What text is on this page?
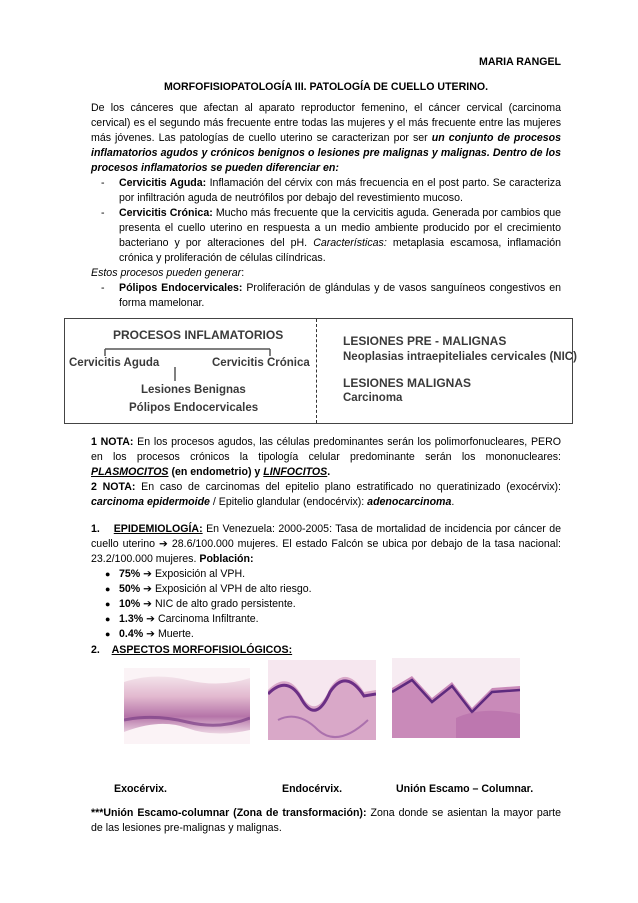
MARIA RANGEL
MORFOFISIOPATOLOGÍA III. PATOLOGÍA DE CUELLO UTERINO.

De los cánceres que afectan al aparato reproductor femenino, el cáncer cervical (carcinoma cervical) es el segundo más frecuente entre todas las mujeres y el más frecuente entre las mujeres más jóvenes. Las patologías de cuello uterino se caracterizan por ser un conjunto de procesos inflamatorios agudos y crónicos benignos o lesiones pre malignas y malignas. Dentro de los procesos inflamatorios se pueden diferenciar en:

- Cervicitis Aguda: Inflamación del cérvix con más frecuencia en el post parto. Se caracteriza por infiltración aguda de neutrófilos por debajo del revestimiento mucoso.
- Cervicitis Crónica: Mucho más frecuente que la cervicitis aguda. Generada por cambios que presenta el cuello uterino en respuesta a un medio ambiente producido por el crecimiento bacteriano y por alteraciones del pH. Características: metaplasia escamosa, inflamación crónica y proliferación de células cilíndricas.

Estos procesos pueden generar:

- Pólipos Endocervicales: Proliferación de glándulas y de vasos sanguíneos congestivos en forma mamelonar.
PROCESOS INFLAMATORIOS
Cervicitis Aguda	Cervicitis Crónica
Lesiones Benignas
Pólipos Endocervicales
LESIONES PRE - MALIGNAS
Neoplasias intraepiteliales cervicales (NIC)
LESIONES MALIGNAS
Carcinoma

1 NOTA: En los procesos agudos, las células predominantes serán los polimorfonucleares, PERO en los procesos crónicos la tipología celular predominante serán los mononucleares: PLASMOCITOS (en endometrio) y LINFOCITOS.

2 NOTA: En caso de carcinomas del epitelio plano estratificado no queratinizado (exocérvix): carcinoma epidermoide / Epitelio glandular (endocérvix): adenocarcinoma.

1. EPIDEMIOLOGÍA: En Venezuela: 2000-2005: Tasa de mortalidad de incidencia por cáncer de cuello uterino ➔ 28.6/100.000 mujeres. El estado Falcón se ubica por debajo de la tasa nacional: 23.2/100.000 mujeres. Población:

● 75% ➔ Exposición al VPH.
● 50% ➔ Exposición al VPH de alto riesgo.
● 10% ➔ NIC de alto grado persistente.
● 1.3% ➔ Carcinoma Infiltrante.
● 0.4% ➔ Muerte.

2. ASPECTOS MORFOFISIOLÓGICOS:

Exocérvix.	Endocérvix.	Unión Escamo – Columnar.

***Unión Escamo-columnar (Zona de transformación): Zona donde se asientan la mayor parte de las lesiones pre-malignas y malignas.
